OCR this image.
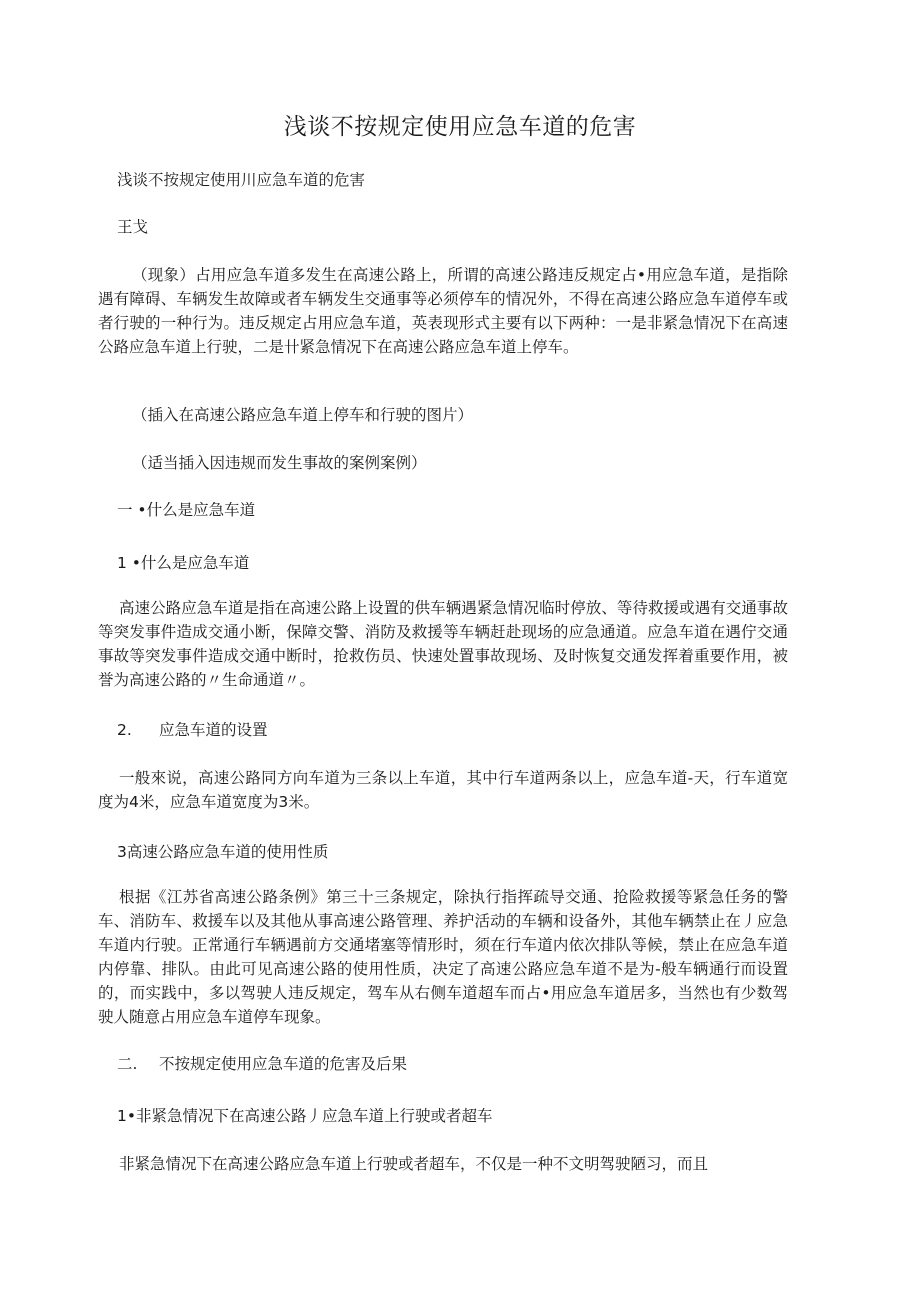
浅谈不按规定使用应急车道的危害
浅谈不按规定使用川应急车道的危害
王戈
（现象）占用应急车道多发生在高速公路上，所谓的高速公路违反规定占•用应急车道，是指除遇有障碍、车辆发生故障或者车辆发生交通事等必须停车的情况外，不得在高速公路应急车道停车或者行驶的一种行为。违反规定占用应急车道，英表现形式主要有以下两种：一是非紧急情况下在高速公路应急车道上行驶，二是卄紧急情况下在高速公路应急车道上停车。
（插入在高速公路应急车道上停车和行驶的图片）
（适当插入因违规而发生事故的案例案例）
一 •什么是应急车道
1 •什么是应急车道
高速公路应急车道是指在高速公路上设置的供车辆遇紧急情况临时停放、等待救援或遇有交通事故等突发事件造成交通小断，保障交警、消防及救援等车辆赶赴现场的应急通道。应急车道在遇佇交通事故等突发事件造成交通中断时，抢救伤员、快速处置事故现场、及时恢复交通发挥着重要作用，被誉为高速公路的〃生命通道〃。
2. 应急车道的设置
一般來说，高速公路同方向车道为三条以上车道，其中行车道两条以上，应急车道-天，行车道宽度为4米，应急车道宽度为3米。
3高速公路应急车道的使用性质
根据《江苏省高速公路条例》第三十三条规定，除执行指挥疏导交通、抢险救援等紧急任务的警车、消防车、救援车以及其他从事高速公路管理、养护活动的车辆和设备外，其他车辆禁止在丿应急车道内行驶。正常通行车辆遇前方交通堵塞等情形时，须在行车道内依次排队等候，禁止在应急车道内停靠、排队。由此可见高速公路的使用性质，决定了高速公路应急车道不是为-般车辆通行而设置的，而实践中，多以驾驶人违反规定，驾车从右侧车道超车而占•用应急车道居多，当然也有少数驾驶人随意占用应急车道停车现象。
二. 不按规定使用应急车道的危害及后果
1•非紧急情况下在高速公路丿应急车道上行驶或者超车
非紧急情况下在高速公路应急车道上行驶或者超车，不仅是一种不文明驾驶陋习，而且
